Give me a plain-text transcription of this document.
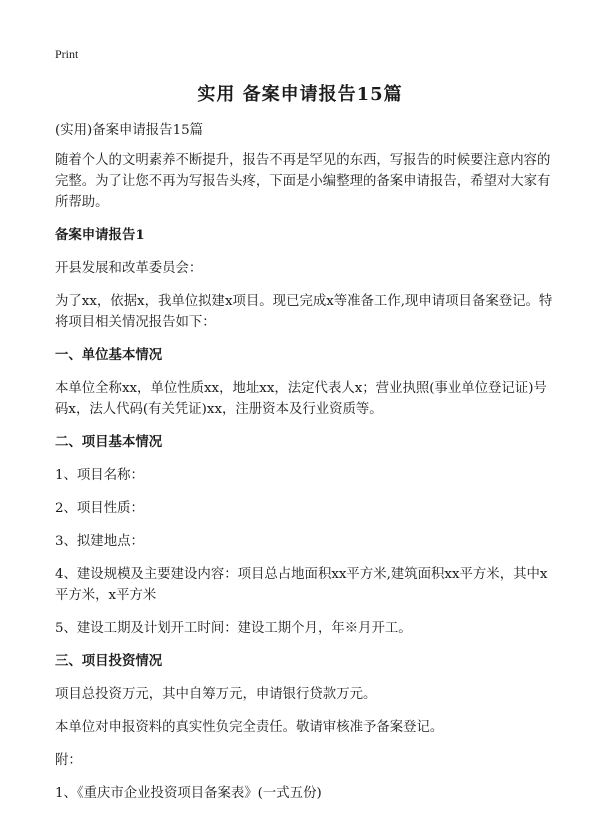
Print
实用 备案申请报告15篇

(实用)备案申请报告15篇

随着个人的文明素养不断提升，报告不再是罕见的东西，写报告的时候要注意内容的完整。为了让您不再为写报告头疼，下面是小编整理的备案申请报告，希望对大家有所帮助。

备案申请报告1

开县发展和改革委员会：

为了xx，依据x，我单位拟建x项目。现已完成x等准备工作,现申请项目备案登记。特将项目相关情况报告如下：

一、单位基本情况

本单位全称xx，单位性质xx，地址xx，法定代表人x；营业执照(事业单位登记证)号码x，法人代码(有关凭证)xx，注册资本及行业资质等。

二、项目基本情况

1、项目名称：

2、项目性质：

3、拟建地点：

4、建设规模及主要建设内容：项目总占地面积xx平方米,建筑面积xx平方米，其中x平方米，x平方米

5、建设工期及计划开工时间：建设工期个月，年※月开工。

三、项目投资情况

项目总投资万元，其中自筹万元，申请银行贷款万元。

本单位对申报资料的真实性负完全责任。敬请审核准予备案登记。

附：

1、《重庆市企业投资项目备案表》(一式五份)
